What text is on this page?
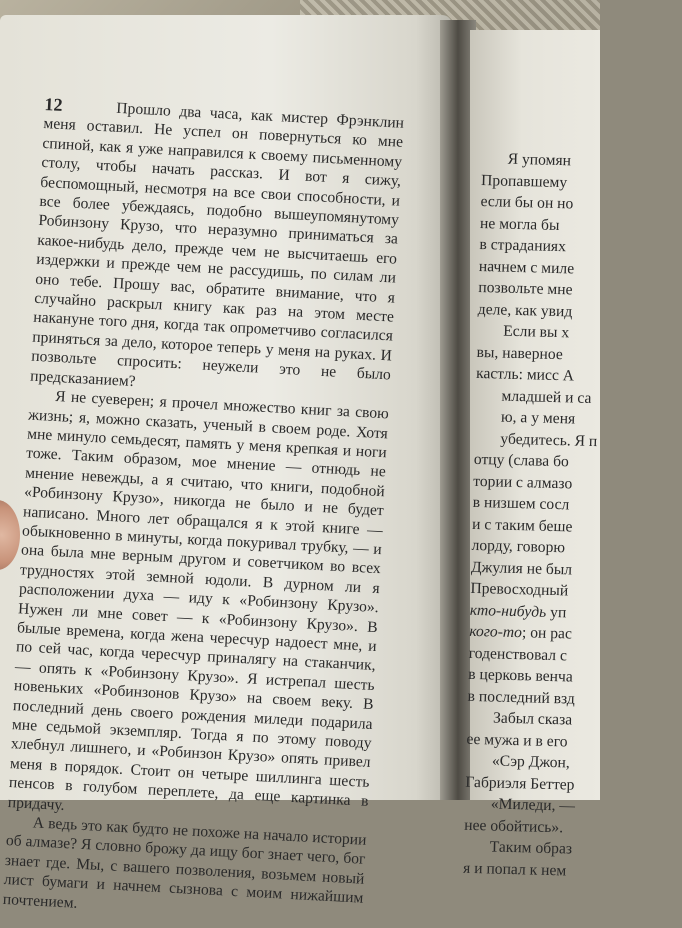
Прошло два часа, как мистер Фрэнклин меня оставил. Не успел он повернуться ко мне спиной, как я уже направился к своему письменному столу, чтобы начать рассказ. И вот я сижу, беспомощный, несмотря на все свои способности, и все более убеждаясь, подобно вышеупомянутому Робинзону Крузо, что неразумно приниматься за какое-нибудь дело, прежде чем не высчитаешь его издержки и прежде чем не рассудишь, по силам ли оно тебе. Прошу вас, обратите внимание, что я случайно раскрыл книгу как раз на этом месте накануне того дня, когда так опрометчиво согласился приняться за дело, которое теперь у меня на руках. И позвольте спросить: неужели это не было предсказанием?

Я не суеверен; я прочел множество книг за свою жизнь; я, можно сказать, ученый в своем роде. Хотя мне минуло семьдесят, память у меня крепкая и ноги тоже. Таким образом, мое мнение — отнюдь не мнение невежды, а я считаю, что книги, подобной «Робинзону Крузо», никогда не было и не будет написано. Много лет обращался я к этой книге — обыкновенно в минуты, когда покуривал трубку, — и она была мне верным другом и советчиком во всех трудностях этой земной юдоли. В дурном ли я расположении духа — иду к «Робинзону Крузо». Нужен ли мне совет — к «Робинзону Крузо». В былые времена, когда жена чересчур надоест мне, и по сей час, когда чересчур приналягу на стаканчик, — опять к «Робинзону Крузо». Я истрепал шесть новеньких «Робинзонов Крузо» на своем веку. В последний день своего рождения миледи подарила мне седьмой экземпляр. Тогда я по этому поводу хлебнул лишнего, и «Робинзон Крузо» опять привел меня в порядок. Стоит он четыре шиллинга шесть пенсов в голубом переплете, да еще картинка в придачу.

А ведь это как будто не похоже на начало истории об алмазе? Я словно брожу да ищу бог знает чего, бог знает где. Мы, с вашего позволения, возьмем новый лист бумаги и начнем сызнова с моим нижайшим почтением.

12
Я упомян
Пропавшему
если бы он но
не могла бы
в страданиях
начнем с миле
позвольте мне
деле, как увид
Если вы х
вы, наверное
кастль: мисс А
младшей и са
ю, а у меня
убедитесь. Я п
отцу (слава бо
тории с алмазо
в низшем сосл
и с таким беше
лорду, говорю
Джулия не был
Превосходный
кто-нибудь уп
кого-то; он рас
годенствовал с
в церковь венча
в последний взд
Забыл сказа
ее мужа и в его
«Сэр Джон,
Габриэля Беттер
«Миледи, —
нее обойтись».
Таким образ
я и попал к нем
